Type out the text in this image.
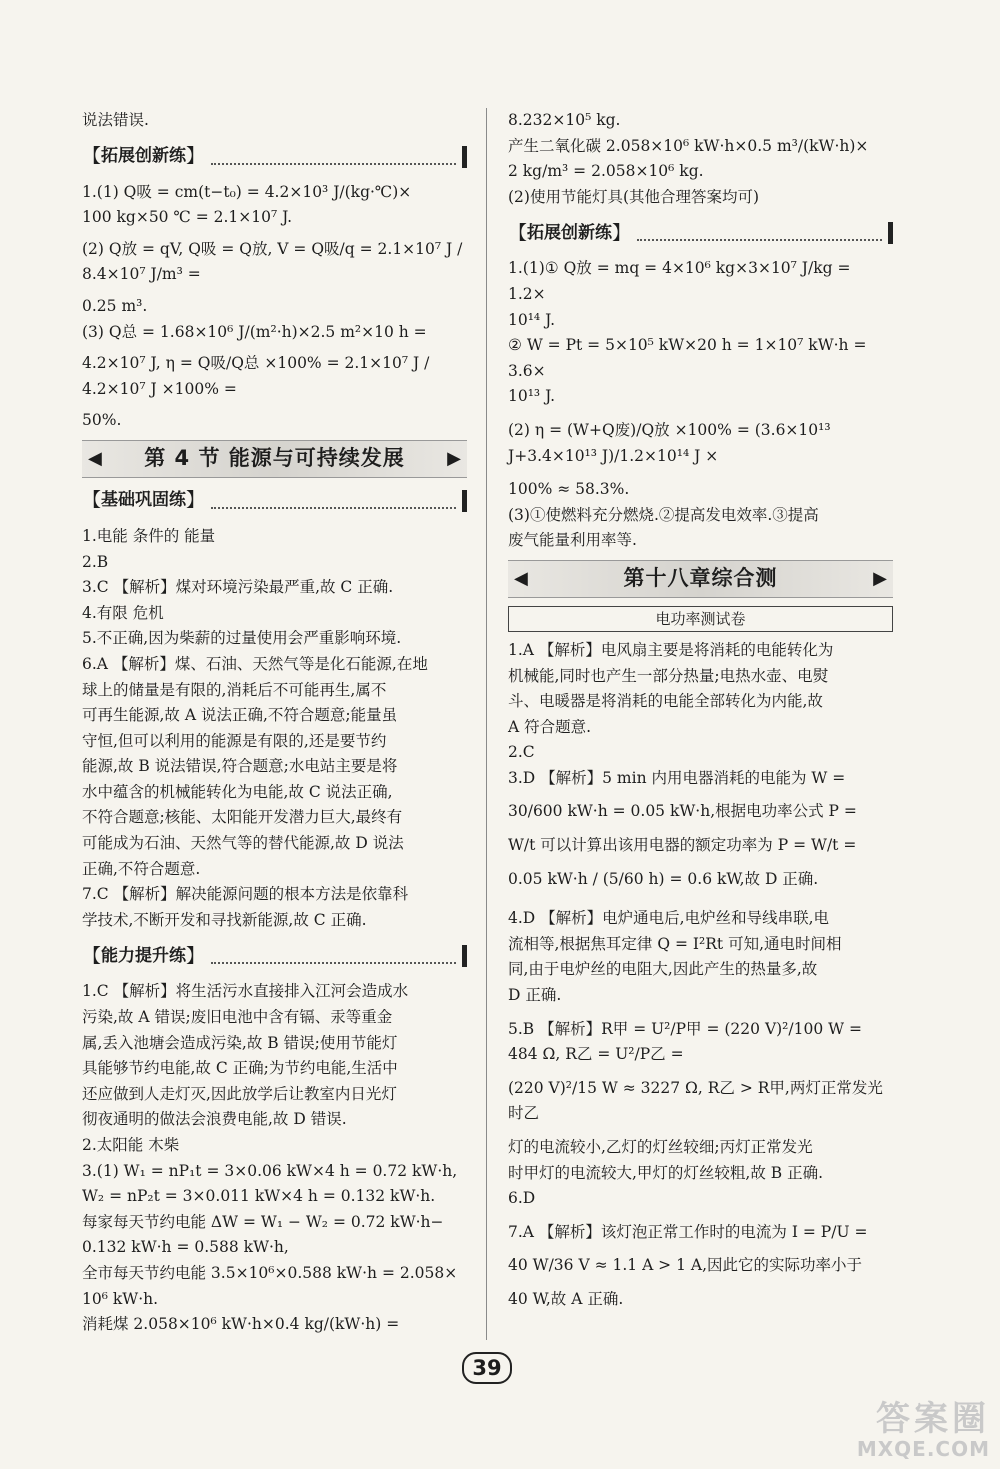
说法错误.

【 拓展创新练 】

1.(1) Q吸 = cm(t−t₀) = 4.2×10³ J/(kg·℃)×

100 kg×50 ℃ = 2.1×10⁷ J.

(2) Q放 = qV, Q吸 = Q放, V = Q吸/q = 2.1×10⁷ J / 8.4×10⁷ J/m³ =

0.25 m³.

(3) Q总 = 1.68×10⁶ J/(m²·h)×2.5 m²×10 h =

4.2×10⁷ J, η = Q吸/Q总 ×100% = 2.1×10⁷ J / 4.2×10⁷ J ×100% =

50%.

◀ 第 4 节 能源与可持续发展	▶
【 基础巩固练 】

1.电能 条件的 能量

2.B

3.C 【解析】煤对环境污染最严重,故 C 正确.

4.有限 危机

5.不正确,因为柴薪的过量使用会严重影响环境.

6.A 【解析】煤、石油、天然气等是化石能源,在地

球上的储量是有限的,消耗后不可能再生,属不

可再生能源,故 A 说法正确,不符合题意;能量虽

守恒,但可以利用的能源是有限的,还是要节约

能源,故 B 说法错误,符合题意;水电站主要是将

水中蕴含的机械能转化为电能,故 C 说法正确,

不符合题意;核能、太阳能开发潜力巨大,最终有

可能成为石油、天然气等的替代能源,故 D 说法

正确,不符合题意.

7.C 【解析】解决能源问题的根本方法是依靠科

学技术,不断开发和寻找新能源,故 C 正确.

【 能力提升练 】

1.C 【解析】将生活污水直接排入江河会造成水

污染,故 A 错误;废旧电池中含有镉、汞等重金

属,丢入池塘会造成污染,故 B 错误;使用节能灯

具能够节约电能,故 C 正确;为节约电能,生活中

还应做到人走灯灭,因此放学后让教室内日光灯

彻夜通明的做法会浪费电能,故 D 错误.

2.太阳能 木柴

3.(1) W₁ = nP₁t = 3×0.06 kW×4 h = 0.72 kW·h,

W₂ = nP₂t = 3×0.011 kW×4 h = 0.132 kW·h.

每家每天节约电能 ΔW = W₁ − W₂ = 0.72 kW·h−

0.132 kW·h = 0.588 kW·h,

全市每天节约电能 3.5×10⁶×0.588 kW·h = 2.058×

10⁶ kW·h.

消耗煤 2.058×10⁶ kW·h×0.4 kg/(kW·h) =

8.232×10⁵ kg.

产生二氧化碳 2.058×10⁶ kW·h×0.5 m³/(kW·h)×

2 kg/m³ = 2.058×10⁶ kg.

(2)使用节能灯具(其他合理答案均可)

【 拓展创新练 】

1.(1)① Q放 = mq = 4×10⁶ kg×3×10⁷ J/kg = 1.2×

10¹⁴ J.

② W = Pt = 5×10⁵ kW×20 h = 1×10⁷ kW·h = 3.6×

10¹³ J.

(2) η = (W+Q废)/Q放 ×100% = (3.6×10¹³ J+3.4×10¹³ J)/1.2×10¹⁴ J ×

100% ≈ 58.3%.

(3)①使燃料充分燃烧.②提高发电效率.③提高

废气能量利用率等.

◀	第十八章综合测	▶
电功率测试卷

1.A 【解析】电风扇主要是将消耗的电能转化为

机械能,同时也产生一部分热量;电热水壶、电熨

斗、电暖器是将消耗的电能全部转化为内能,故

A 符合题意.

2.C

3.D 【解析】5 min 内用电器消耗的电能为 W =

30/600 kW·h = 0.05 kW·h,根据电功率公式 P =

W/t 可以计算出该用电器的额定功率为 P = W/t =

0.05 kW·h / (5/60 h) = 0.6 kW,故 D 正确.

4.D 【解析】电炉通电后,电炉丝和导线串联,电

流相等,根据焦耳定律 Q = I²Rt 可知,通电时间相

同,由于电炉丝的电阻大,因此产生的热量多,故

D 正确.

5.B 【解析】R甲 = U²/P甲 = (220 V)²/100 W = 484 Ω, R乙 = U²/P乙 =

(220 V)²/15 W ≈ 3227 Ω, R乙 > R甲,两灯正常发光时乙

灯的电流较小,乙灯的灯丝较细;丙灯正常发光

时甲灯的电流较大,甲灯的灯丝较粗,故 B 正确.

6.D

7.A 【解析】该灯泡正常工作时的电流为 I = P/U =

40 W/36 V ≈ 1.1 A > 1 A,因此它的实际功率小于

40 W,故 A 正确.

39
答案圈
MXQE.COM
